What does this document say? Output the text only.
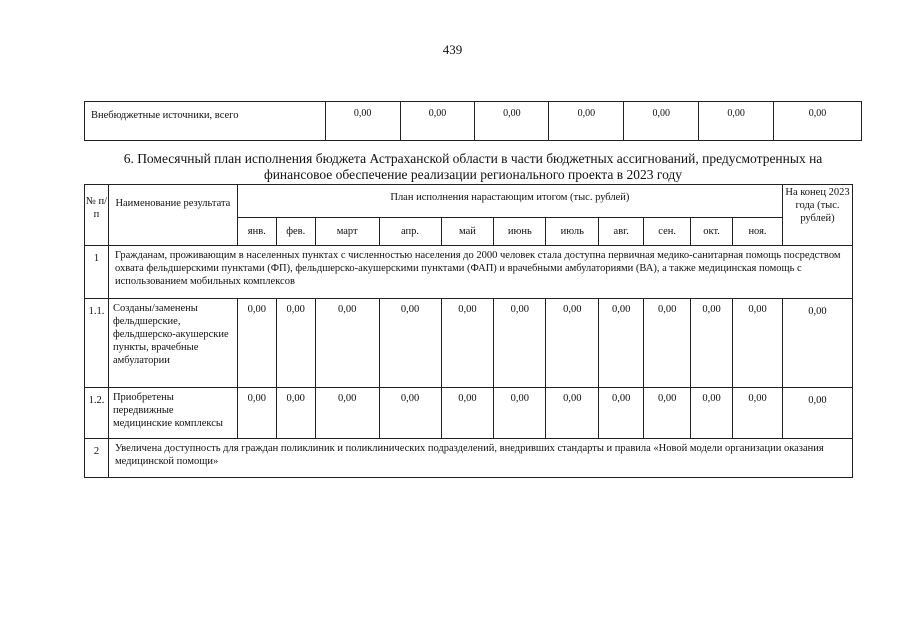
439
Внебюджетные источники, всего	0,00	0,00	0,00	0,00	0,00	0,00	0,00
6. Помесячный план исполнения бюджета Астраханской области в части бюджетных ассигнований, предусмотренных на
финансовое обеспечение реализации регионального проекта в 2023 году
№ п/п	Наименование результата	План исполнения нарастающим итогом (тыс. рублей)											На конец 2023 года (тыс. рублей)
		янв.	фев.	март	апр.	май	июнь	июль	авг.	сен.	окт.	ноя.	
1	Гражданам, проживающим в населенных пунктах с численностью населения до 2000 человек стала доступна первичная медико-санитарная помощь посредством охвата фельдшерскими пунктами (ФП), фельдшерско-акушерскими пунктами (ФАП) и врачебными амбулаториями (ВА), а также медицинская помощь с использованием мобильных комплексов												
1.1.	Созданы/заменены фельдшерские, фельдшерско-акушерские пункты, врачебные амбулатории	0,00	0,00	0,00	0,00	0,00	0,00	0,00	0,00	0,00	0,00	0,00	0,00
1.2.	Приобретены передвижные медицинские комплексы	0,00	0,00	0,00	0,00	0,00	0,00	0,00	0,00	0,00	0,00	0,00	0,00
2	Увеличена доступность для граждан поликлиник и поликлинических подразделений, внедривших стандарты и правила «Новой модели организации оказания медицинской помощи»												
